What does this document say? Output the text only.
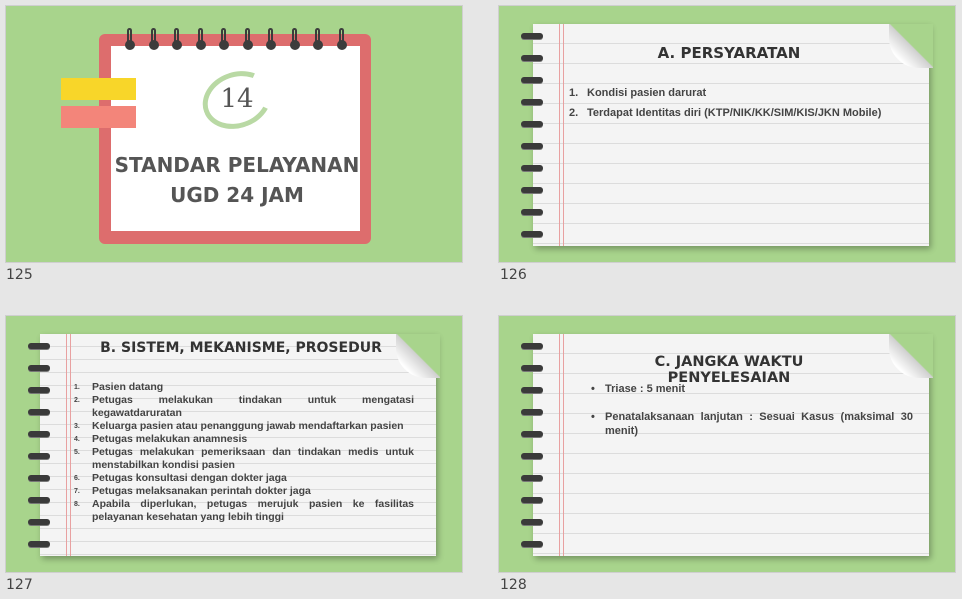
14
STANDAR PELAYANAN
UGD 24 JAM
125
A. PERSYARATAN
1. Kondisi pasien darurat
2. Terdapat Identitas diri (KTP/NIK/KK/SIM/KIS/JKN Mobile)
126
B. SISTEM, MEKANISME, PROSEDUR
1. Pasien datang
2. Petugas melakukan tindakan untuk mengatasi kegawatdaruratan
3. Keluarga pasien atau penanggung jawab mendaftarkan pasien
4. Petugas melakukan anamnesis
5. Petugas melakukan pemeriksaan dan tindakan medis untuk menstabilkan kondisi pasien
6. Petugas konsultasi dengan dokter jaga
7. Petugas melaksanakan perintah dokter jaga
8. Apabila diperlukan, petugas merujuk pasien ke fasilitas pelayanan kesehatan yang lebih tinggi
127
C. JANGKA WAKTU PENYELESAIAN
• Triase : 5 menit
• Penatalaksanaan lanjutan : Sesuai Kasus (maksimal 30 menit)
128
